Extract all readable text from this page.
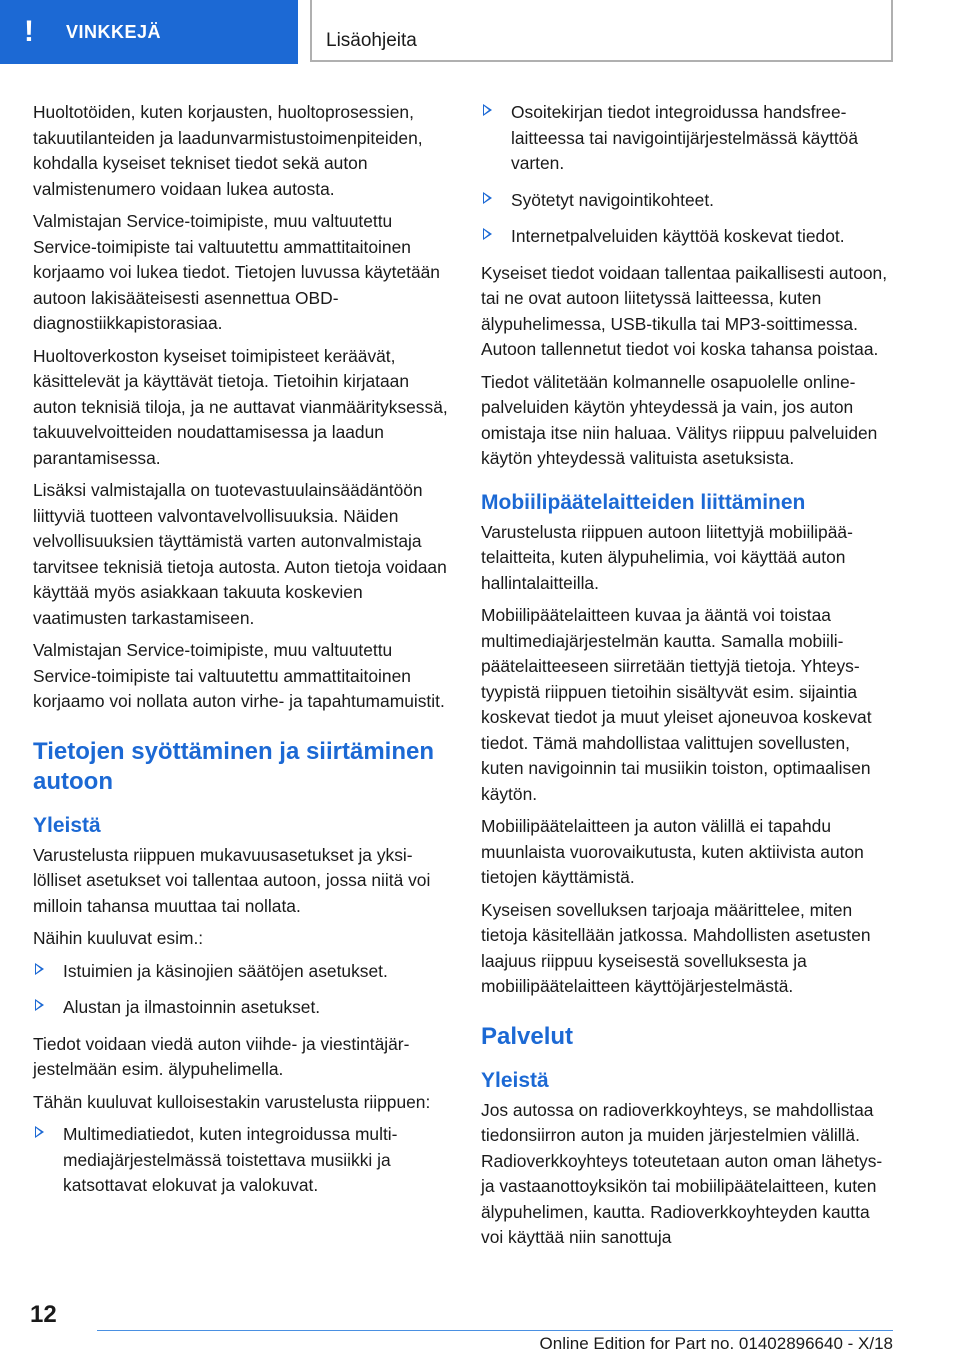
!	VINKKEJÄ	Lisäohjeita

Huoltotöiden, kuten korjausten, huoltoprosessien, takuutilanteiden ja laadunvarmistustoimenpiteiden, kohdalla kyseiset tekniset tiedot sekä auton valmistenumero voidaan lukea autosta.

Valmistajan Service-toimipiste, muu valtuutettu Service-toimipiste tai valtuutettu ammattitaitoinen korjaamo voi lukea tiedot. Tietojen luvussa käytetään autoon lakisääteisesti asennettua OBD-diagnostiikkapistorasiaa.

Huoltoverkoston kyseiset toimipisteet keräävät, käsittelevät ja käyttävät tietoja. Tietoihin kirjataan auton teknisiä tiloja, ja ne auttavat vianmäärityksessä, takuuvelvoitteiden noudattamisessa ja laadun parantamisessa.

Lisäksi valmistajalla on tuotevastuulainsäädäntöön liittyviä tuotteen valvontavelvollisuuksia. Näiden velvollisuuksien täyttämistä varten autonvalmistaja tarvitsee teknisiä tietoja autosta. Auton tietoja voidaan käyttää myös asiakkaan takuuta koskevien vaatimusten tarkastamiseen.

Valmistajan Service-toimipiste, muu valtuutettu Service-toimipiste tai valtuutettu ammattitaitoinen korjaamo voi nollata auton virhe- ja tapahtumamuistit.

Tietojen syöttäminen ja siirtäminen autoon
Yleistä

Varustelusta riippuen mukavuusasetukset ja yksilölliset asetukset voi tallentaa autoon, jossa niitä voi milloin tahansa muuttaa tai nollata.

Näihin kuuluvat esim.:

Istuimien ja käsinojien säätöjen asetukset.
Alustan ja ilmastoinnin asetukset.

Tiedot voidaan viedä auton viihde- ja viestintäjärjestelmään esim. älypuhelimella.

Tähän kuuluvat kulloisestakin varustelusta riippuen:

Multimediatiedot, kuten integroidussa multimediajärjestelmässä toistettava musiikki ja katsottavat elokuvat ja valokuvat.
Osoitekirjan tiedot integroidussa handsfree-laitteessa tai navigointijärjestelmässä käyttöä varten.
Syötetyt navigointikohteet.
Internetpalveluiden käyttöä koskevat tiedot.

Kyseiset tiedot voidaan tallentaa paikallisesti autoon, tai ne ovat autoon liitetyssä laitteessa, kuten älypuhelimessa, USB-tikulla tai MP3-soittimessa. Autoon tallennetut tiedot voi koska tahansa poistaa.

Tiedot välitetään kolmannelle osapuolelle online-palveluiden käytön yhteydessä ja vain, jos auton omistaja itse niin haluaa. Välitys riippuu palveluiden käytön yhteydessä valituista asetuksista.

Mobiilipäätelaitteiden liittäminen

Varustelusta riippuen autoon liitettyjä mobiilipäätelaitteita, kuten älypuhelimia, voi käyttää auton hallintalaitteilla.

Mobiilipäätelaitteen kuvaa ja ääntä voi toistaa multimediajärjestelmän kautta. Samalla mobiilipäätelaitteeseen siirretään tiettyjä tietoja. Yhteystyypistä riippuen tietoihin sisältyvät esim. sijaintia koskevat tiedot ja muut yleiset ajoneuvoa koskevat tiedot. Tämä mahdollistaa valittujen sovellusten, kuten navigoinnin tai musiikin toiston, optimaalisen käytön.

Mobiilipäätelaitteen ja auton välillä ei tapahdu muunlaista vuorovaikutusta, kuten aktiivista auton tietojen käyttämistä.

Kyseisen sovelluksen tarjoaja määrittelee, miten tietoja käsitellään jatkossa. Mahdollisten asetusten laajuus riippuu kyseisestä sovelluksesta ja mobiilipäätelaitteen käyttöjärjestelmästä.

Palvelut
Yleistä

Jos autossa on radioverkkoyhteys, se mahdollistaa tiedonsiirron auton ja muiden järjestelmien välillä. Radioverkkoyhteys toteutetaan auton oman lähetys- ja vastaanottoyksikön tai mobiilipäätelaitteen, kuten älypuhelimen, kautta. Radioverkkoyhteyden kautta voi käyttää niin sanottuja

12
Online Edition for Part no. 01402896640 - X/18
